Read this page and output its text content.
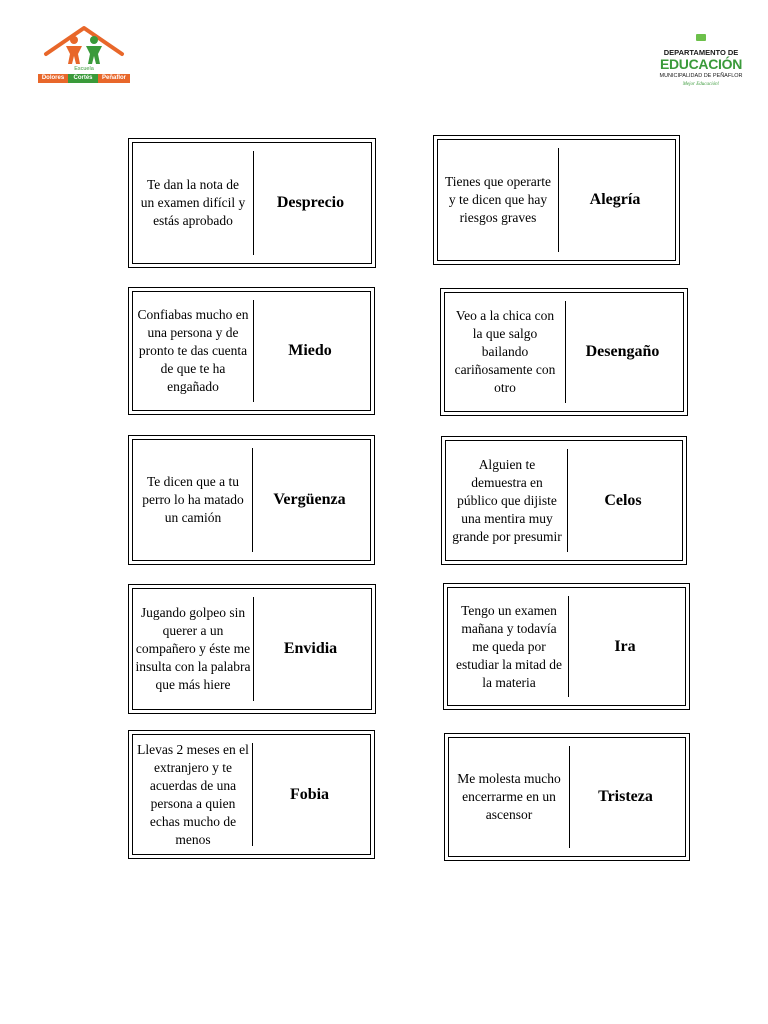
Escuela
Dolores	Cortés	Peñaflor
DEPARTAMENTO DE
EDUCACIÓN
MUNICIPALIDAD DE PEÑAFLOR
Mejor Educación!
Te dan la nota de un examen difícil y estás aprobado
Desprecio
Tienes que operarte y te dicen que hay riesgos graves
Alegría
Confiabas mucho en una persona y de pronto te das cuenta de que te ha engañado
Miedo
Veo a la chica con la que salgo bailando cariñosamente con otro
Desengaño
Te dicen que a tu perro lo ha matado un camión
Vergüenza
Alguien te demuestra en público que dijiste una mentira muy grande por presumir
Celos
Jugando golpeo sin querer a un compañero y éste me insulta con la palabra que más hiere
Envidia
Tengo un examen mañana y todavía me queda por estudiar la mitad de la materia
Ira
Llevas 2 meses en el extranjero y te acuerdas de una persona a quien echas mucho de menos
Fobia
Me molesta mucho encerrarme en un ascensor
Tristeza
